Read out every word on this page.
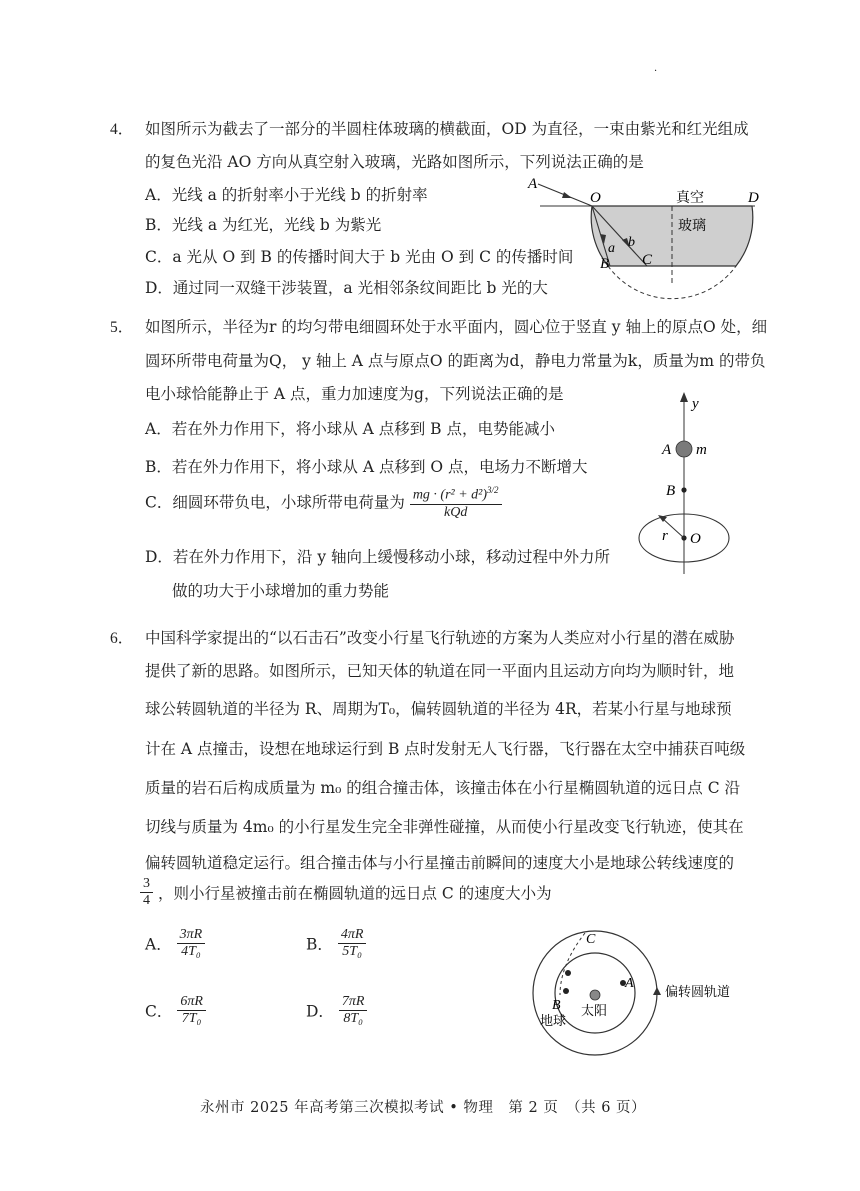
·
4． 如图所示为截去了一部分的半圆柱体玻璃的横截面，OD 为直径，一束由紫光和红光组成
的复色光沿 AO 方向从真空射入玻璃，光路如图所示，下列说法正确的是
A．光线 a 的折射率小于光线 b 的折射率
B．光线 a 为红光，光线 b 为紫光
C．a 光从 O 到 B 的传播时间大于 b 光由 O 到 C 的传播时间
D．通过同一双缝干涉装置，a 光相邻条纹间距比 b 光的大
A
O	D
a b
B C
真空
玻璃
5． 如图所示，半径为r 的均匀带电细圆环处于水平面内，圆心位于竖直 y 轴上的原点O 处，细
圆环所带电荷量为Q， y 轴上 A 点与原点O 的距离为d，静电力常量为k，质量为m 的带负
电小球恰能静止于 A 点，重力加速度为g，下列说法正确的是
A．若在外力作用下，将小球从 A 点移到 B 点，电势能减小
B．若在外力作用下，将小球从 A 点移到 O 点，电场力不断增大
C．细圆环带负电，小球所带电荷量为 $\frac{mg \cdot (r^2 + d^2)^{3/2}}{\text{kQd}}$
D．若在外力作用下，沿 y 轴向上缓慢移动小球，移动过程中外力所
做的功大于小球增加的重力势能
y
A m
B
r O
6． 中国科学家提出的“以石击石”改变小行星飞行轨迹的方案为人类应对小行星的潜在威胁
提供了新的思路。如图所示，已知天体的轨道在同一平面内且运动方向均为顺时针，地
球公转圆轨道的半径为 R、周期为T₀，偏转圆轨道的半径为 4R，若某小行星与地球预
计在 A 点撞击，设想在地球运行到 B 点时发射无人飞行器，飞行器在太空中捕获百吨级
质量的岩石后构成质量为 m₀ 的组合撞击体，该撞击体在小行星椭圆轨道的远日点 C 沿
切线与质量为 4m₀ 的小行星发生完全非弹性碰撞，从而使小行星改变飞行轨迹，使其在
偏转圆轨道稳定运行。组合撞击体与小行星撞击前瞬间的速度大小是地球公转线速度的
$\frac{3}{4}$ ，则小行星被撞击前在椭圆轨道的远日点 C 的速度大小为
A． $\frac{3\pi R}{\text{4T₀}}$	B． $\frac{4\pi R}{\text{5T₀}}$
C． $\frac{6\pi R}{\text{7T₀}}$	D． $\frac{7\pi R}{\text{8T₀}}$
C
A
B
地球
太阳
偏转圆轨道
永州市 2025 年高考第三次模拟考试 • 物理　第 2 页　（共 6 页）
